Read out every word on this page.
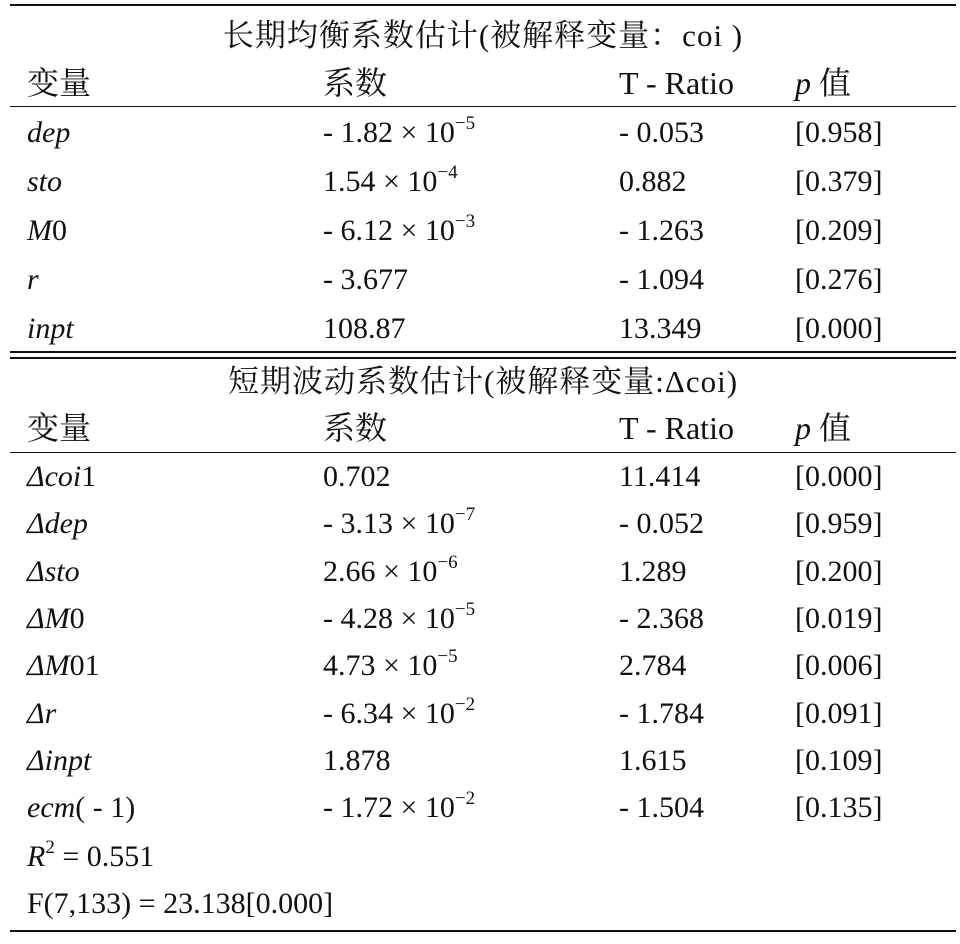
长期均衡系数估计(被解释变量：coi )
变量	系数	T - Ratio p 值
dep	- $1.82 \times 10^{-5}$	- 0.053	[0.958]
sto	$1.54 \times 10^{-4}$	0.882	[0.379]
M0	- $6.12 \times 10^{-3}$	- 1.263	[0.209]
r	- 3.677	- 1.094	[0.276]
inpt	108.87	13.349	[0.000]
短期波动系数估计(被解释变量:Δcoi)
变量	系数	T - Ratio p 值
Δcoi1	0.702	11.414	[0.000]
Δdep	- $3.13 \times 10^{-7}$	- 0.052	[0.959]
Δsto	$2.66 \times 10^{-6}$	1.289	[0.200]
ΔM0	- $4.28 \times 10^{-5}$	- 2.368	[0.019]
ΔM01	$4.73 \times 10^{-5}$	2.784	[0.006]
Δr	- $6.34 \times 10^{-2}$	- 1.784	[0.091]
Δinpt	1.878	1.615	[0.109]
ecm( - 1)	- $1.72 \times 10^{-2}$	- 1.504	[0.135]
$R^2 = 0.551$
F(7,133) = 23.138[0.000]
